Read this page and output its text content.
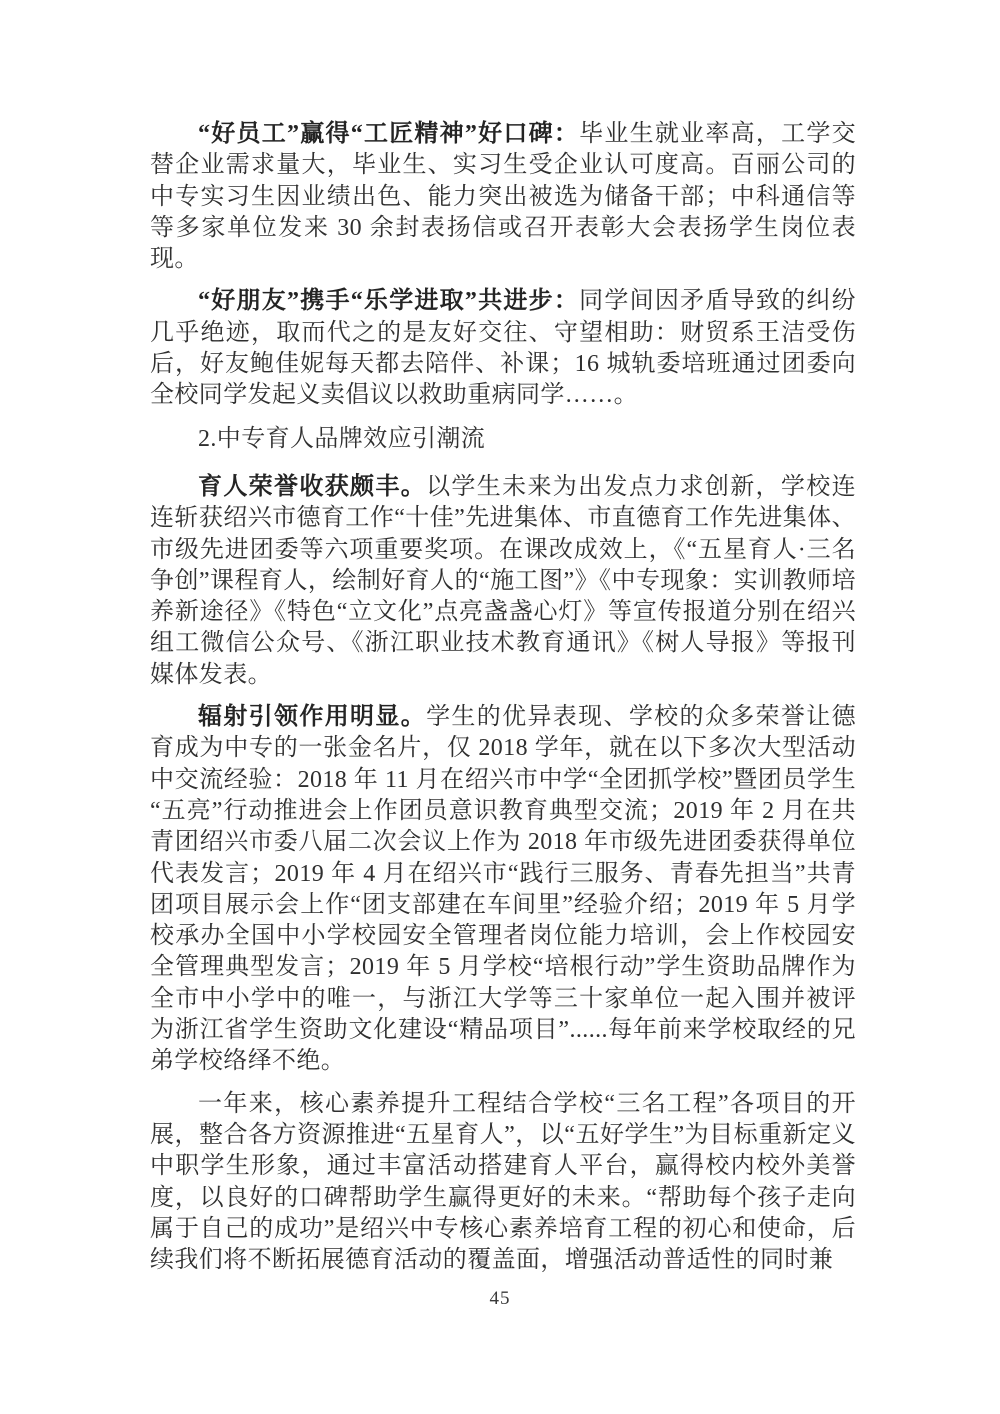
“好员工”赢得“工匠精神”好口碑：毕业生就业率高，工学交替企业需求量大，毕业生、实习生受企业认可度高。百丽公司的中专实习生因业绩出色、能力突出被选为储备干部；中科通信等等多家单位发来 30 余封表扬信或召开表彰大会表扬学生岗位表现。

“好朋友”携手“乐学进取”共进步：同学间因矛盾导致的纠纷几乎绝迹，取而代之的是友好交往、守望相助：财贸系王洁受伤后，好友鲍佳妮每天都去陪伴、补课；16 城轨委培班通过团委向全校同学发起义卖倡议以救助重病同学……。

2.中专育人品牌效应引潮流

育人荣誉收获颇丰。以学生未来为出发点力求创新，学校连连斩获绍兴市德育工作“十佳”先进集体、市直德育工作先进集体、市级先进团委等六项重要奖项。在课改成效上，《“五星育人·三名争创”课程育人，绘制好育人的“施工图”》《中专现象：实训教师培养新途径》《特色“立文化”点亮盏盏心灯》等宣传报道分别在绍兴组工微信公众号、《浙江职业技术教育通讯》《树人导报》等报刊媒体发表。

辐射引领作用明显。学生的优异表现、学校的众多荣誉让德育成为中专的一张金名片，仅 2018 学年，就在以下多次大型活动中交流经验：2018 年 11 月在绍兴市中学“全团抓学校”暨团员学生“五亮”行动推进会上作团员意识教育典型交流；2019 年 2 月在共青团绍兴市委八届二次会议上作为 2018 年市级先进团委获得单位代表发言；2019 年 4 月在绍兴市“践行三服务、青春先担当”共青团项目展示会上作“团支部建在车间里”经验介绍；2019 年 5 月学校承办全国中小学校园安全管理者岗位能力培训，会上作校园安全管理典型发言；2019 年 5 月学校“培根行动”学生资助品牌作为全市中小学中的唯一，与浙江大学等三十家单位一起入围并被评为浙江省学生资助文化建设“精品项目”......每年前来学校取经的兄弟学校络绎不绝。

一年来，核心素养提升工程结合学校“三名工程”各项目的开展，整合各方资源推进“五星育人”，以“五好学生”为目标重新定义中职学生形象，通过丰富活动搭建育人平台，赢得校内校外美誉度，以良好的口碑帮助学生赢得更好的未来。“帮助每个孩子走向属于自己的成功”是绍兴中专核心素养培育工程的初心和使命，后续我们将不断拓展德育活动的覆盖面，增强活动普适性的同时兼

45
